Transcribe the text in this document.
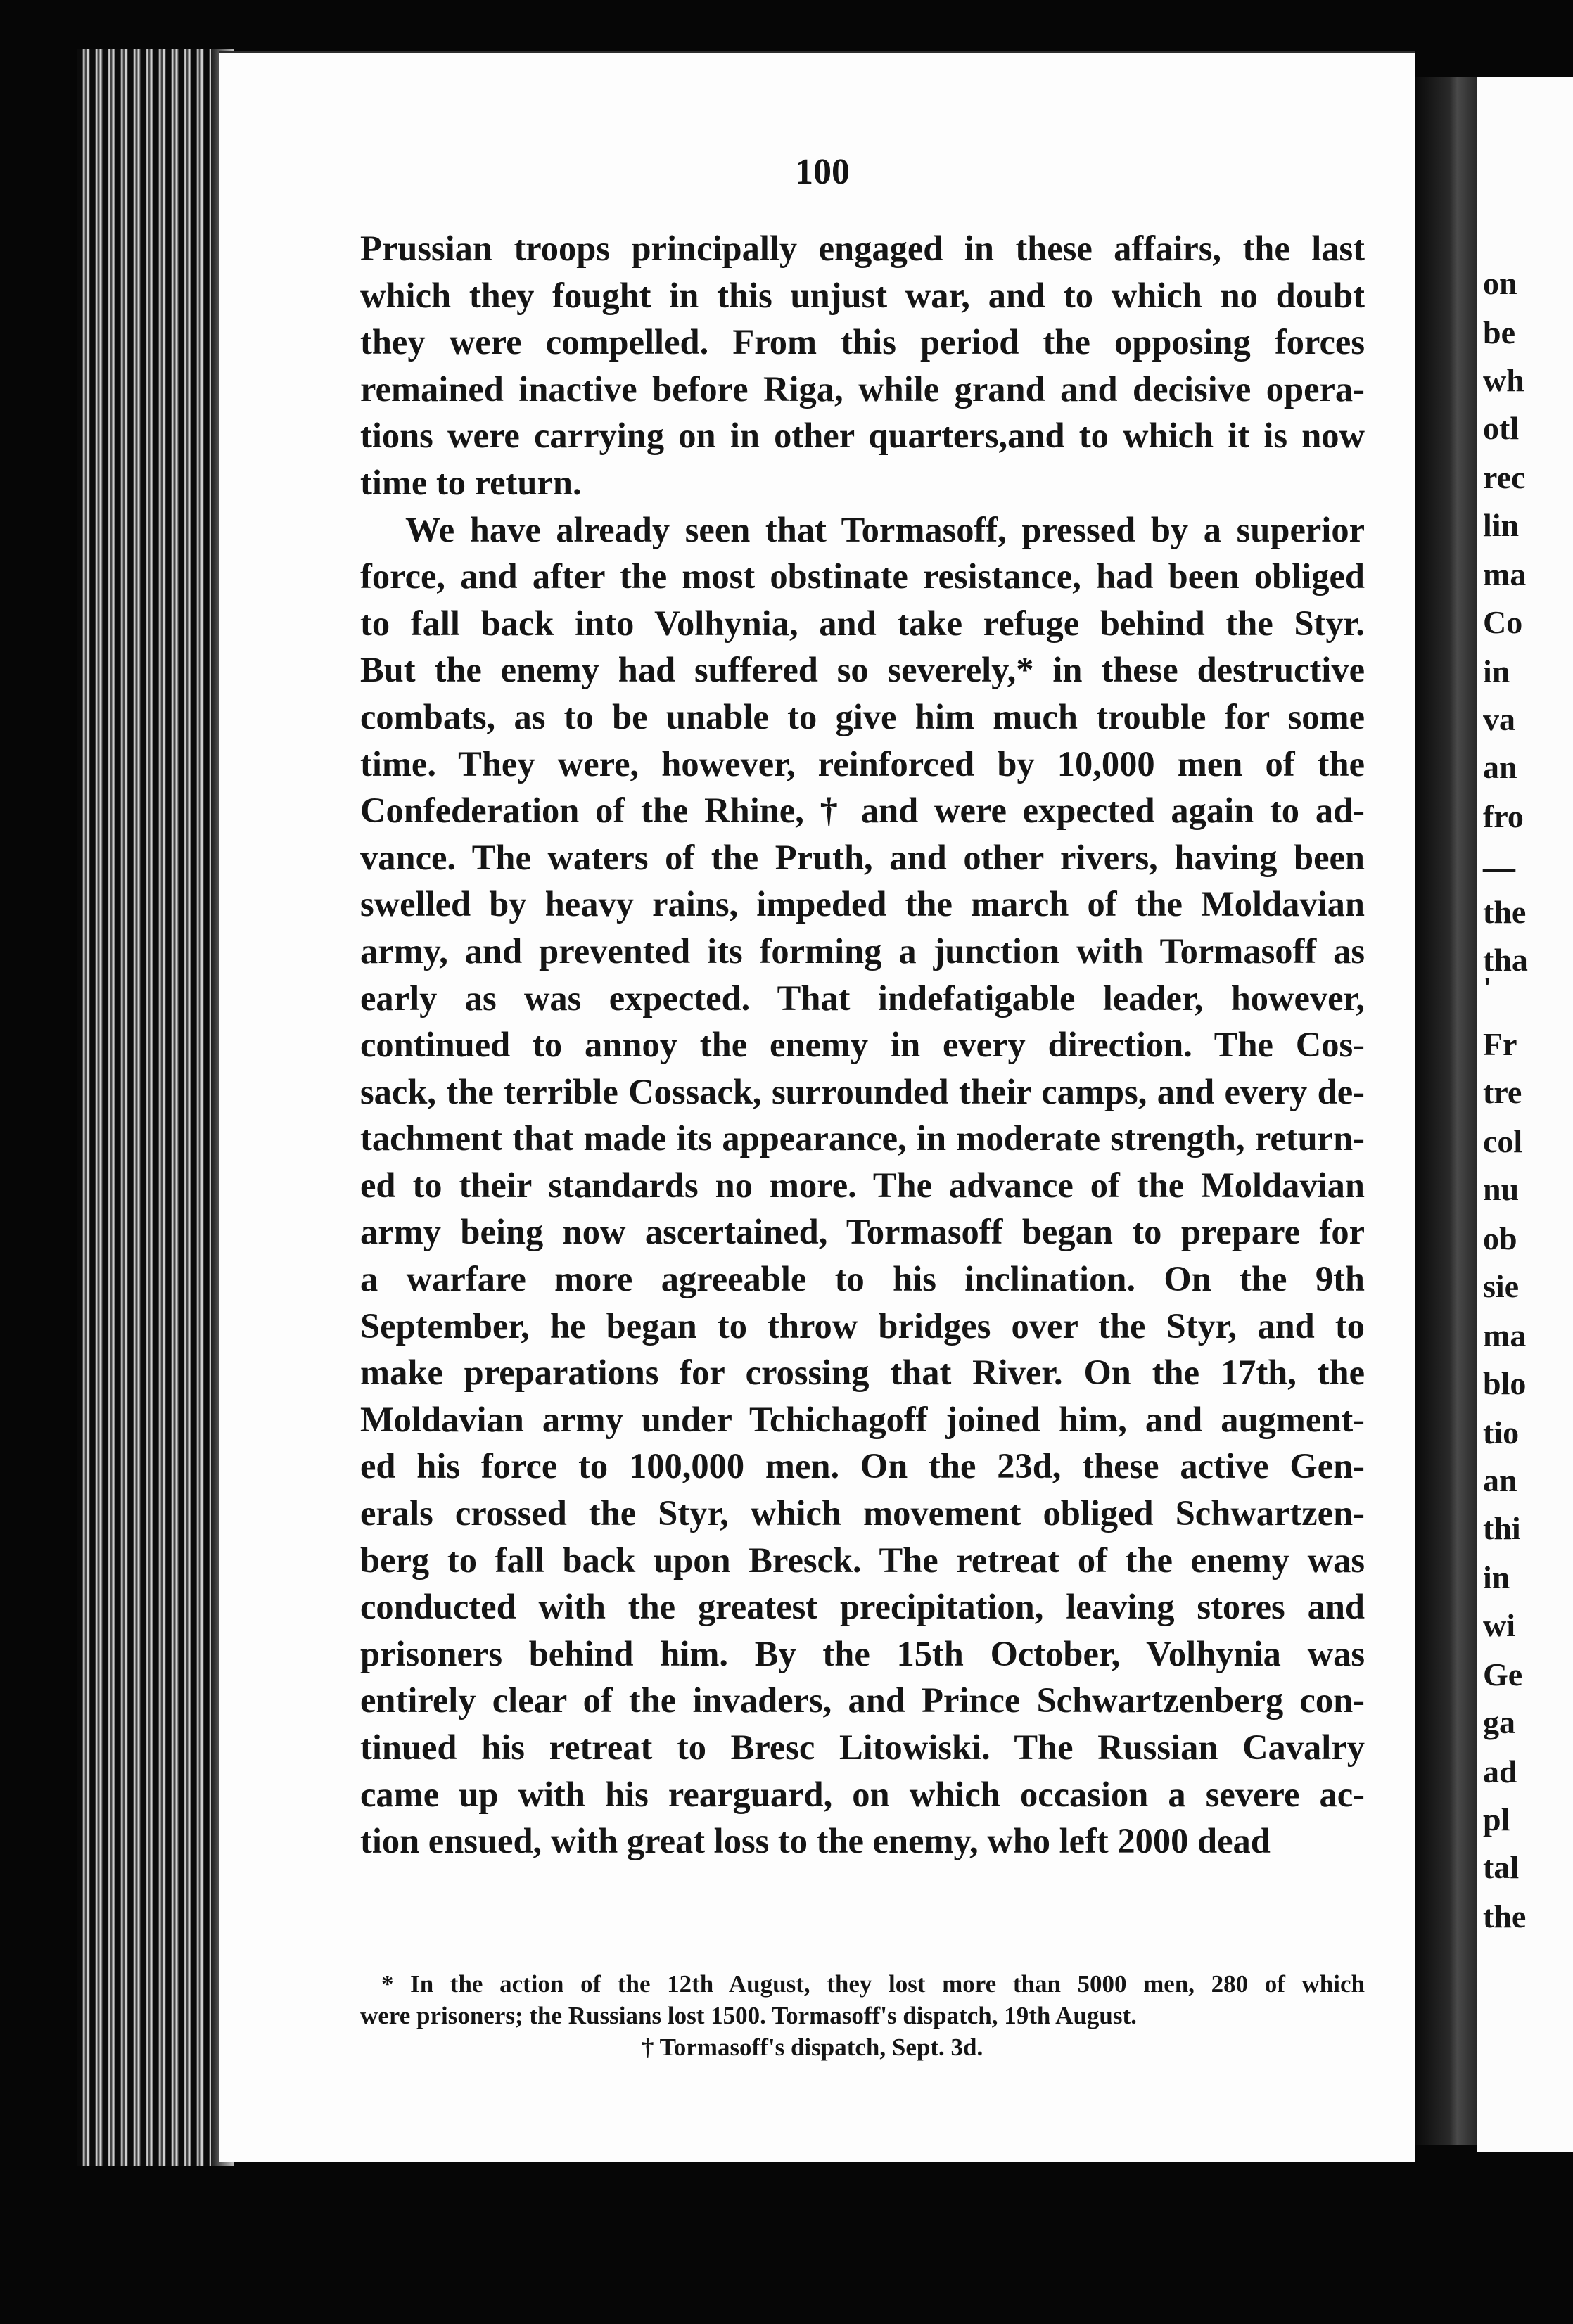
100
Prussian troops principally engaged in these affairs, the last
which they fought in this unjust war, and to which no doubt
they were compelled. From this period the opposing forces
remained inactive before Riga, while grand and decisive opera-
tions were carrying on in other quarters,and to which it is now
time to return.
We have already seen that Tormasoff, pressed by a superior
force, and after the most obstinate resistance, had been obliged
to fall back into Volhynia, and take refuge behind the Styr.
But the enemy had suffered so severely,* in these destructive
combats, as to be unable to give him much trouble for some
time. They were, however, reinforced by 10,000 men of the
Confederation of the Rhine, † and were expected again to ad-
vance. The waters of the Pruth, and other rivers, having been
swelled by heavy rains, impeded the march of the Moldavian
army, and prevented its forming a junction with Tormasoff as
early as was expected. That indefatigable leader, however,
continued to annoy the enemy in every direction. The Cos-
sack, the terrible Cossack, surrounded their camps, and every de-
tachment that made its appearance, in moderate strength, return-
ed to their standards no more. The advance of the Moldavian
army being now ascertained, Tormasoff began to prepare for
a warfare more agreeable to his inclination. On the 9th
September, he began to throw bridges over the Styr, and to
make preparations for crossing that River. On the 17th, the
Moldavian army under Tchichagoff joined him, and augment-
ed his force to 100,000 men. On the 23d, these active Gen-
erals crossed the Styr, which movement obliged Schwartzen-
berg to fall back upon Bresck. The retreat of the enemy was
conducted with the greatest precipitation, leaving stores and
prisoners behind him. By the 15th October, Volhynia was
entirely clear of the invaders, and Prince Schwartzenberg con-
tinued his retreat to Bresc Litowiski. The Russian Cavalry
came up with his rearguard, on which occasion a severe ac-
tion ensued, with great loss to the enemy, who left 2000 dead
* In the action of the 12th August, they lost more than 5000 men, 280 of which
were prisoners; the Russians lost 1500. Tormasoff's dispatch, 19th August.
† Tormasoff's dispatch, Sept. 3d.
on
be
wh
otl
rec
lin
ma
Co
in
va
an
fro
—
the
tha
'
Fr
tre
col
nu
ob
sie
ma
blo
tio
an
thi
in
wi
Ge
ga
ad
pl
tal
the
